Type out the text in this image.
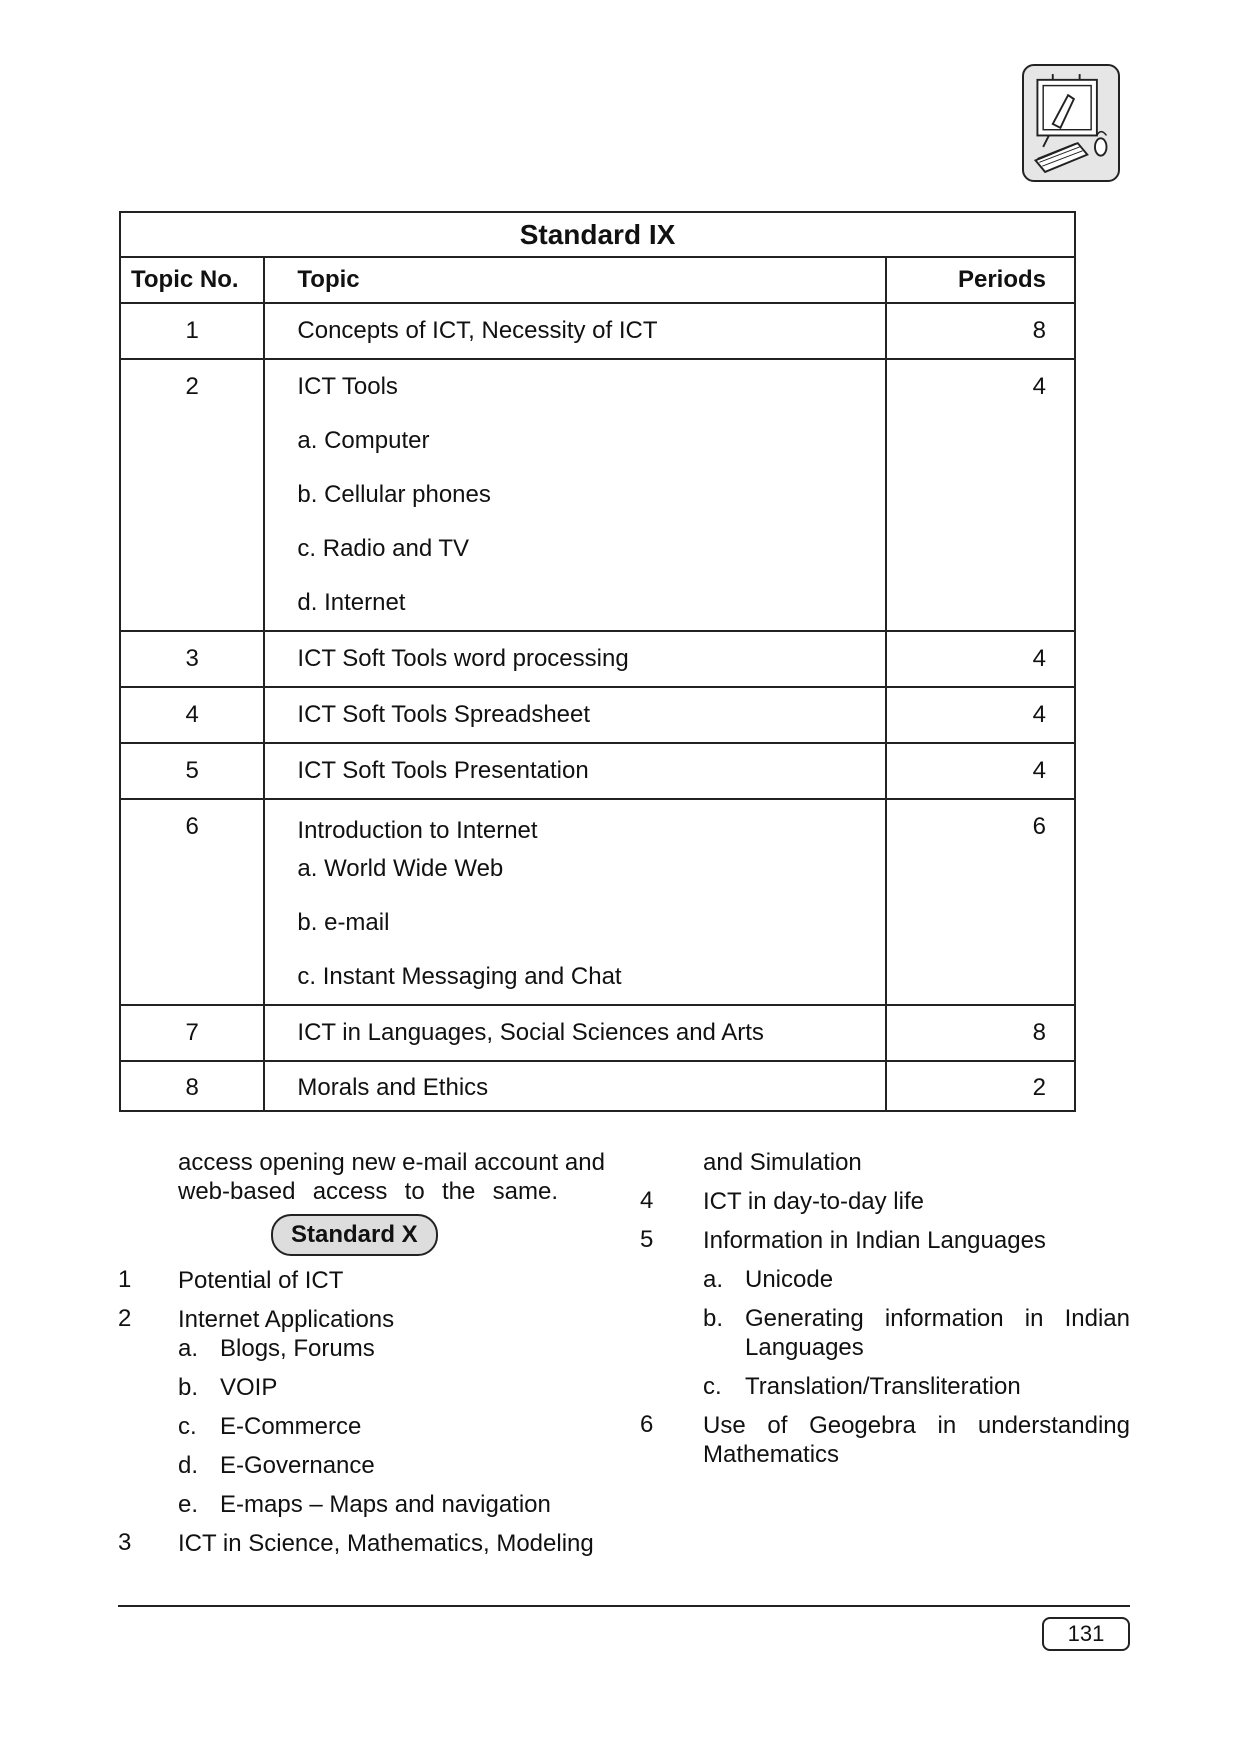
Standard IX		
Topic No.	Topic	Periods

1	Concepts of ICT, Necessity of ICT	8

2	ICT Tools
a. Computer
b. Cellular phones
c. Radio and TV
d. Internet	4

3	ICT Soft Tools word processing	4

4	ICT Soft Tools Spreadsheet	4

5	ICT Soft Tools Presentation	4

6	Introduction to Internet
a. World Wide Web
b. e-mail
c. Instant Messaging and Chat	6

7	ICT in Languages, Social Sciences and Arts	8

8	Morals and Ethics	2
access opening new e-mail account and
web-based access to the same.
Standard X
1 Potential of ICT
2 Internet Applications
a. Blogs, Forums
b. VOIP
c. E-Commerce
d. E-Governance
e. E-maps – Maps and navigation
3 ICT in Science, Mathematics, Modeling
and Simulation
4 ICT in day-to-day life
5 Information in Indian Languages
a. Unicode
b. Generating information in Indian
Languages
c. Translation/Transliteration
6 Use of Geogebra in understanding
Mathematics
131
